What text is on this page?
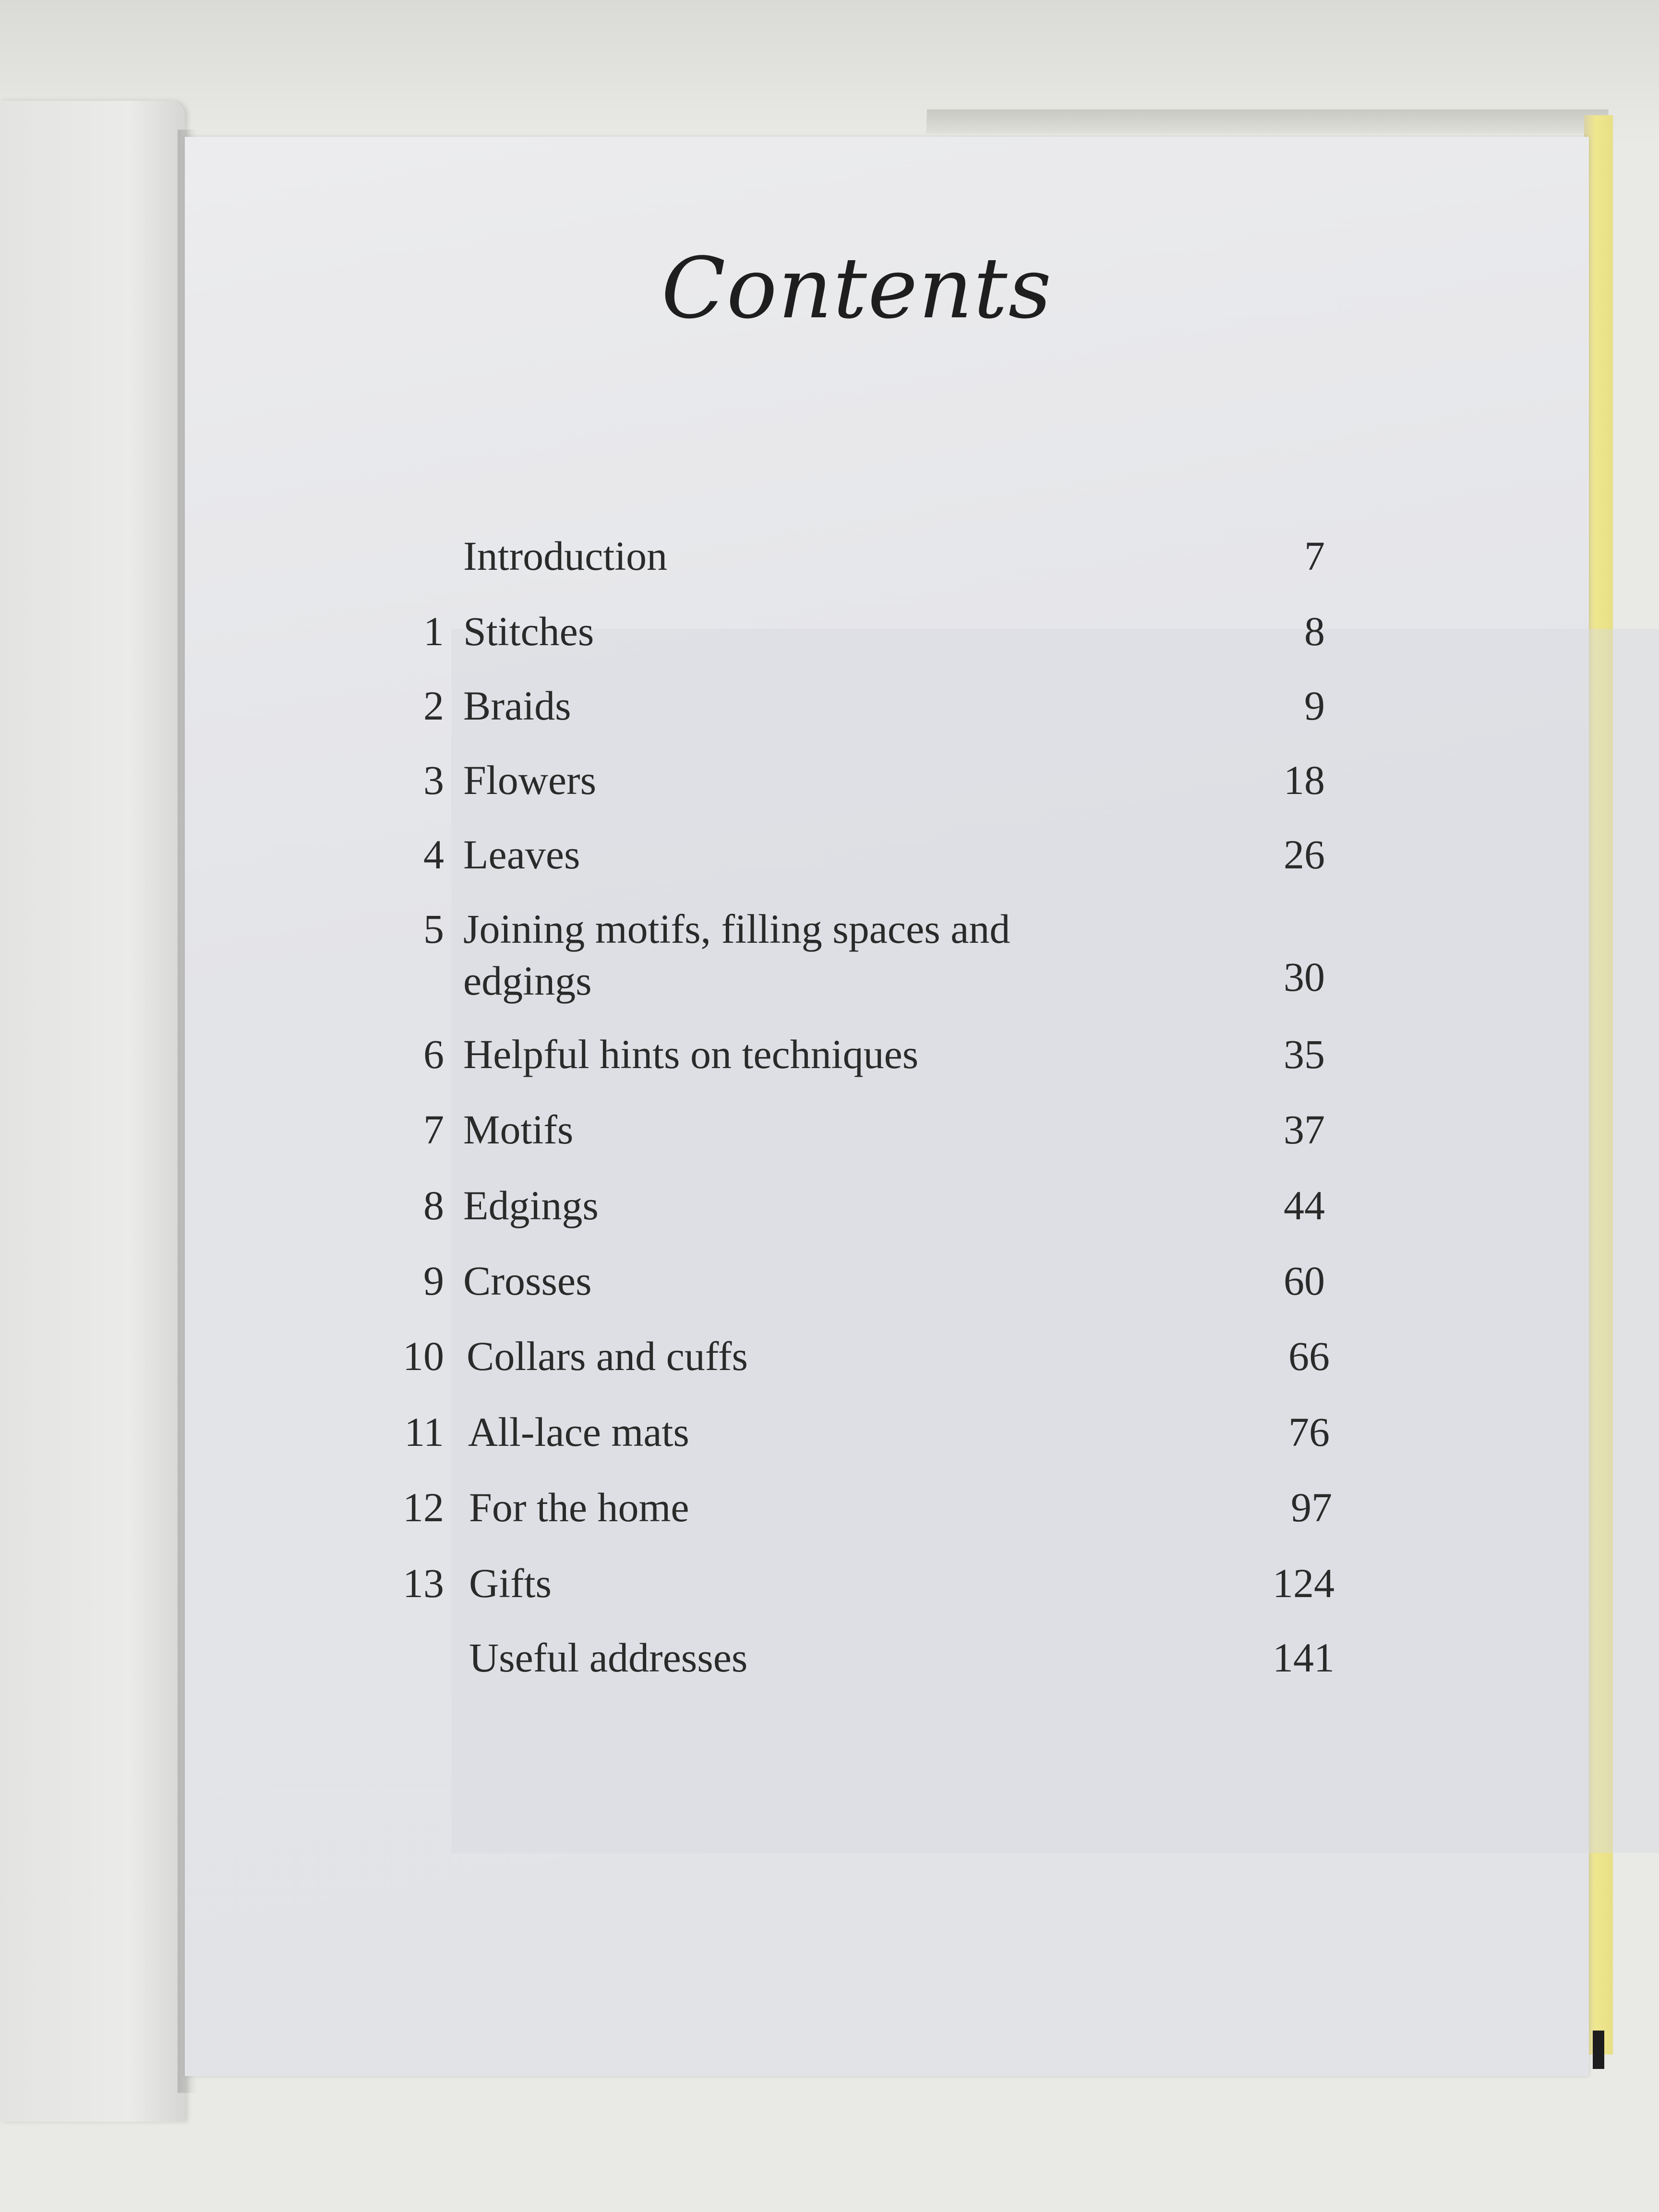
Contents
Introduction	7
1 Stitches	8
2 Braids	9
3 Flowers	18
4 Leaves	26
5 Joining motifs, filling spaces and
edgings	30
6 Helpful hints on techniques	35
7 Motifs	37
8 Edgings	44
9 Crosses	60
10 Collars and cuffs	66
11 All-lace mats	76
12 For the home	97
13 Gifts	124
Useful addresses	141
